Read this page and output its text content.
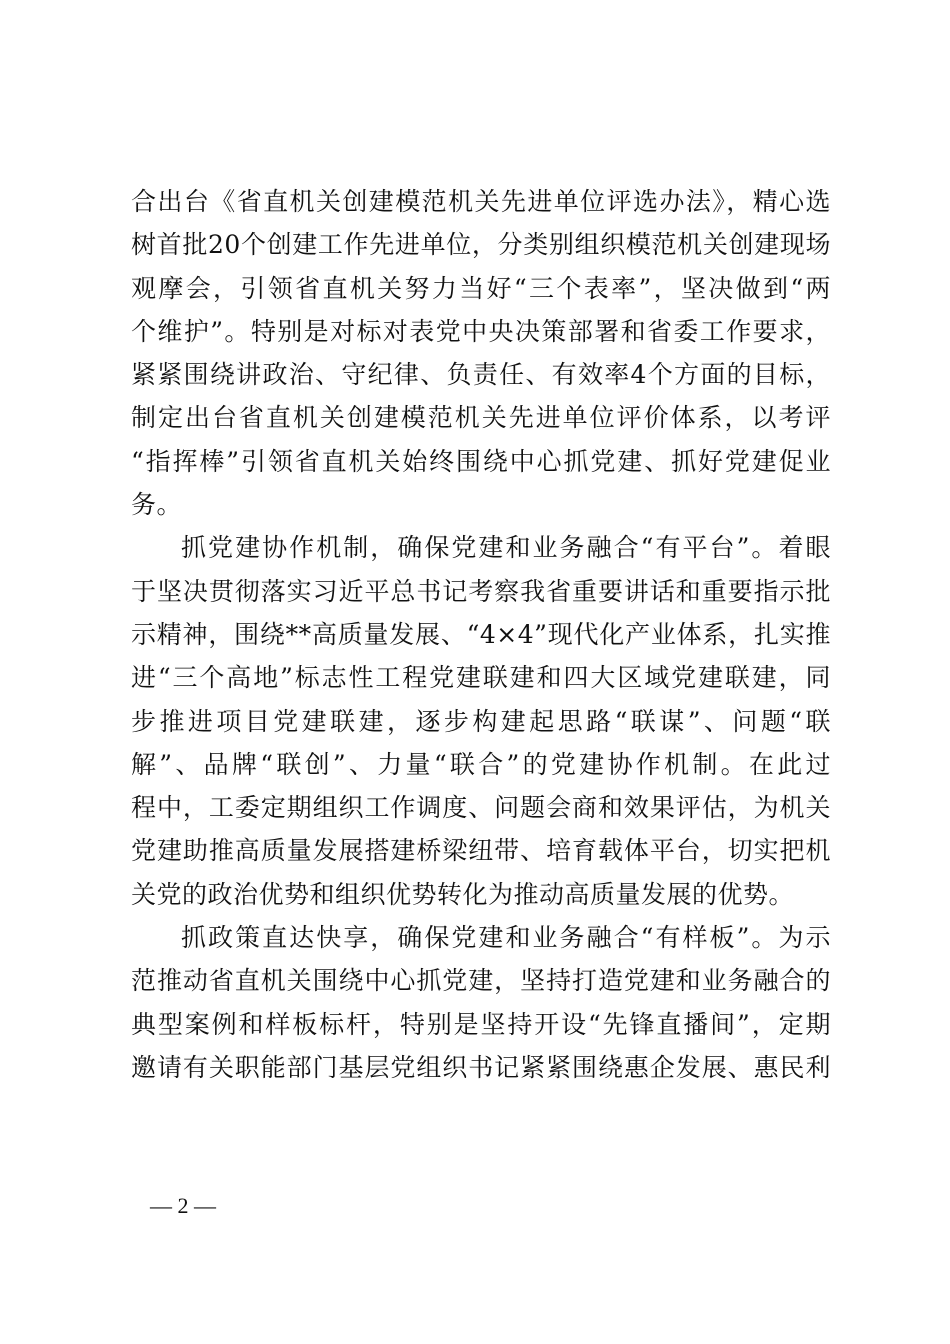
合出台《省直机关创建模范机关先进单位评选办法》，精心选
树首批20个创建工作先进单位，分类别组织模范机关创建现场
观摩会，引领省直机关努力当好“三个表率”，坚决做到“两
个维护”。特别是对标对表党中央决策部署和省委工作要求，
紧紧围绕讲政治、守纪律、负责任、有效率4个方面的目标，
制定出台省直机关创建模范机关先进单位评价体系，以考评
“指挥棒”引领省直机关始终围绕中心抓党建、抓好党建促业
务。
抓党建协作机制，确保党建和业务融合“有平台”。着眼
于坚决贯彻落实习近平总书记考察我省重要讲话和重要指示批
示精神，围绕**高质量发展、“4×4”现代化产业体系，扎实推
进“三个高地”标志性工程党建联建和四大区域党建联建，同
步推进项目党建联建，逐步构建起思路“联谋”、问题“联
解”、品牌“联创”、力量“联合”的党建协作机制。在此过
程中，工委定期组织工作调度、问题会商和效果评估，为机关
党建助推高质量发展搭建桥梁纽带、培育载体平台，切实把机
关党的政治优势和组织优势转化为推动高质量发展的优势。
抓政策直达快享，确保党建和业务融合“有样板”。为示
范推动省直机关围绕中心抓党建，坚持打造党建和业务融合的
典型案例和样板标杆，特别是坚持开设“先锋直播间”，定期
邀请有关职能部门基层党组织书记紧紧围绕惠企发展、惠民利
— 2 —
